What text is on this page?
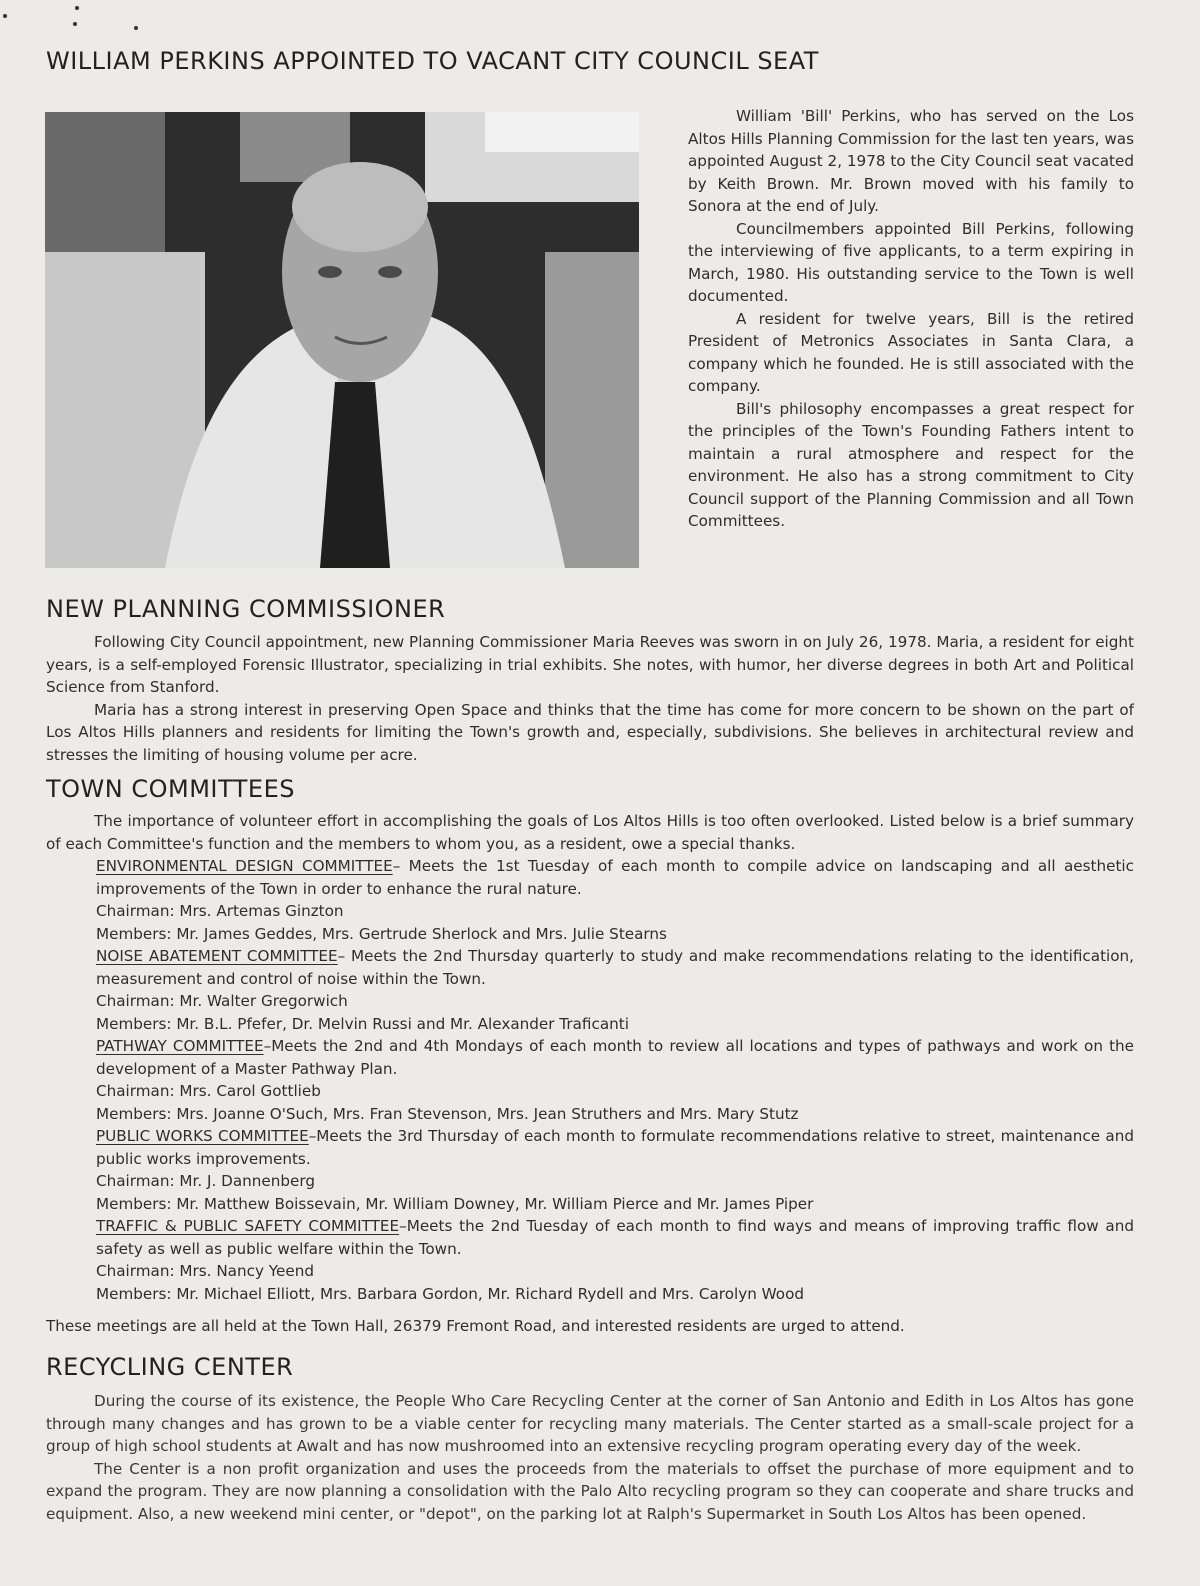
WILLIAM PERKINS APPOINTED TO VACANT CITY COUNCIL SEAT

William 'Bill' Perkins, who has served on the Los Altos Hills Planning Commission for the last ten years, was appointed August 2, 1978 to the City Council seat vacated by Keith Brown. Mr. Brown moved with his family to Sonora at the end of July.

Councilmembers appointed Bill Perkins, following the interviewing of five applicants, to a term expiring in March, 1980. His outstanding service to the Town is well documented.

A resident for twelve years, Bill is the retired President of Metronics Associates in Santa Clara, a company which he founded. He is still associated with the company.

Bill's philosophy encompasses a great respect for the principles of the Town's Founding Fathers intent to maintain a rural atmosphere and respect for the environment. He also has a strong commitment to City Council support of the Planning Commission and all Town Committees.

NEW PLANNING COMMISSIONER

Following City Council appointment, new Planning Commissioner Maria Reeves was sworn in on July 26, 1978. Maria, a resident for eight years, is a self-employed Forensic Illustrator, specializing in trial exhibits. She notes, with humor, her diverse degrees in both Art and Political Science from Stanford.

Maria has a strong interest in preserving Open Space and thinks that the time has come for more concern to be shown on the part of Los Altos Hills planners and residents for limiting the Town's growth and, especially, subdivisions. She believes in architectural review and stresses the limiting of housing volume per acre.

TOWN COMMITTEES

The importance of volunteer effort in accomplishing the goals of Los Altos Hills is too often overlooked. Listed below is a brief summary of each Committee's function and the members to whom you, as a resident, owe a special thanks.

ENVIRONMENTAL DESIGN COMMITTEE– Meets the 1st Tuesday of each month to compile advice on landscaping and all aesthetic improvements of the Town in order to enhance the rural nature.
Chairman: Mrs. Artemas Ginzton
Members: Mr. James Geddes, Mrs. Gertrude Sherlock and Mrs. Julie Stearns
NOISE ABATEMENT COMMITTEE– Meets the 2nd Thursday quarterly to study and make recommendations relating to the identification, measurement and control of noise within the Town.
Chairman: Mr. Walter Gregorwich
Members: Mr. B.L. Pfefer, Dr. Melvin Russi and Mr. Alexander Traficanti
PATHWAY COMMITTEE–Meets the 2nd and 4th Mondays of each month to review all locations and types of pathways and work on the development of a Master Pathway Plan.
Chairman: Mrs. Carol Gottlieb
Members: Mrs. Joanne O'Such, Mrs. Fran Stevenson, Mrs. Jean Struthers and Mrs. Mary Stutz
PUBLIC WORKS COMMITTEE–Meets the 3rd Thursday of each month to formulate recommendations relative to street, maintenance and public works improvements.
Chairman: Mr. J. Dannenberg
Members: Mr. Matthew Boissevain, Mr. William Downey, Mr. William Pierce and Mr. James Piper
TRAFFIC & PUBLIC SAFETY COMMITTEE–Meets the 2nd Tuesday of each month to find ways and means of improving traffic flow and safety as well as public welfare within the Town.
Chairman: Mrs. Nancy Yeend
Members: Mr. Michael Elliott, Mrs. Barbara Gordon, Mr. Richard Rydell and Mrs. Carolyn Wood
These meetings are all held at the Town Hall, 26379 Fremont Road, and interested residents are urged to attend.
RECYCLING CENTER

During the course of its existence, the People Who Care Recycling Center at the corner of San Antonio and Edith in Los Altos has gone through many changes and has grown to be a viable center for recycling many materials. The Center started as a small-scale project for a group of high school students at Awalt and has now mushroomed into an extensive recycling program operating every day of the week.

The Center is a non profit organization and uses the proceeds from the materials to offset the purchase of more equipment and to expand the program. They are now planning a consolidation with the Palo Alto recycling program so they can cooperate and share trucks and equipment. Also, a new weekend mini center, or "depot", on the parking lot at Ralph's Supermarket in South Los Altos has been opened.
